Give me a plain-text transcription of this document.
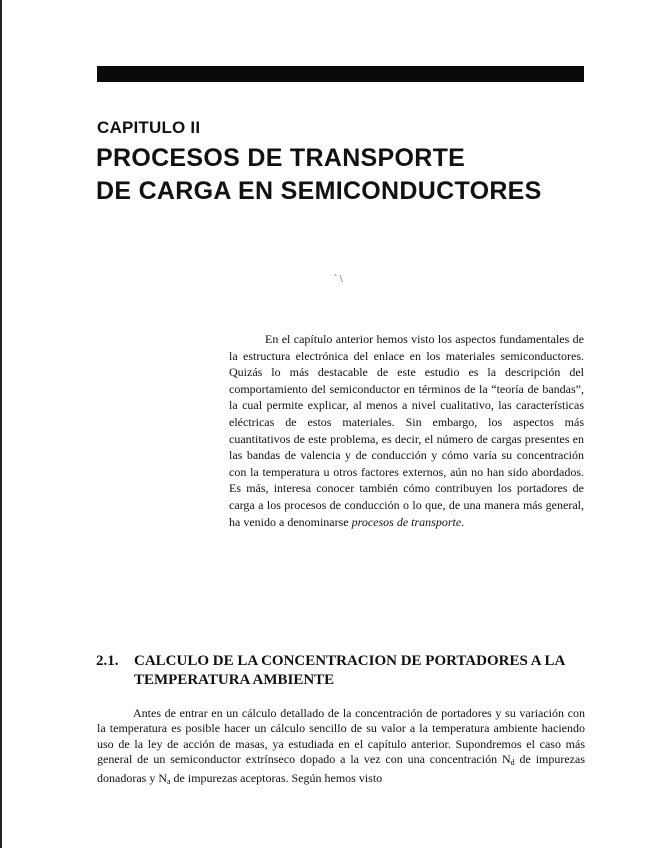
CAPITULO II
PROCESOS DE TRANSPORTE
DE CARGA EN SEMICONDUCTORES
` \

En el capítulo anterior hemos visto los aspectos fundamentales de la estructura electrónica del enlace en los materiales semiconductores. Quizás lo más destacable de este estudio es la descripción del comportamiento del semiconductor en términos de la “teoría de bandas”, la cual permite explicar, al menos a nivel cualitativo, las características eléctricas de estos materiales. Sin embargo, los aspectos más cuantitativos de este problema, es decir, el número de cargas presentes en las bandas de valencia y de conducción y cómo varía su concentración con la temperatura u otros factores externos, aún no han sido abordados. Es más, interesa conocer también cómo contribuyen los portadores de carga a los procesos de conducción o lo que, de una manera más general, ha venido a denominarse procesos de transporte.

2.1.	CALCULO DE LA CONCENTRACION DE PORTADORES A LA TEMPERATURA AMBIENTE

Antes de entrar en un cálculo detallado de la concentración de portadores y su variación con la temperatura es posible hacer un cálculo sencillo de su valor a la temperatura ambiente haciendo uso de la ley de acción de masas, ya estudiada en el capítulo anterior. Supondremos el caso más general de un semiconductor extrínseco dopado a la vez con una concentración $N_d$ de impurezas donadoras y $N_a$ de impurezas aceptoras. Según hemos visto
